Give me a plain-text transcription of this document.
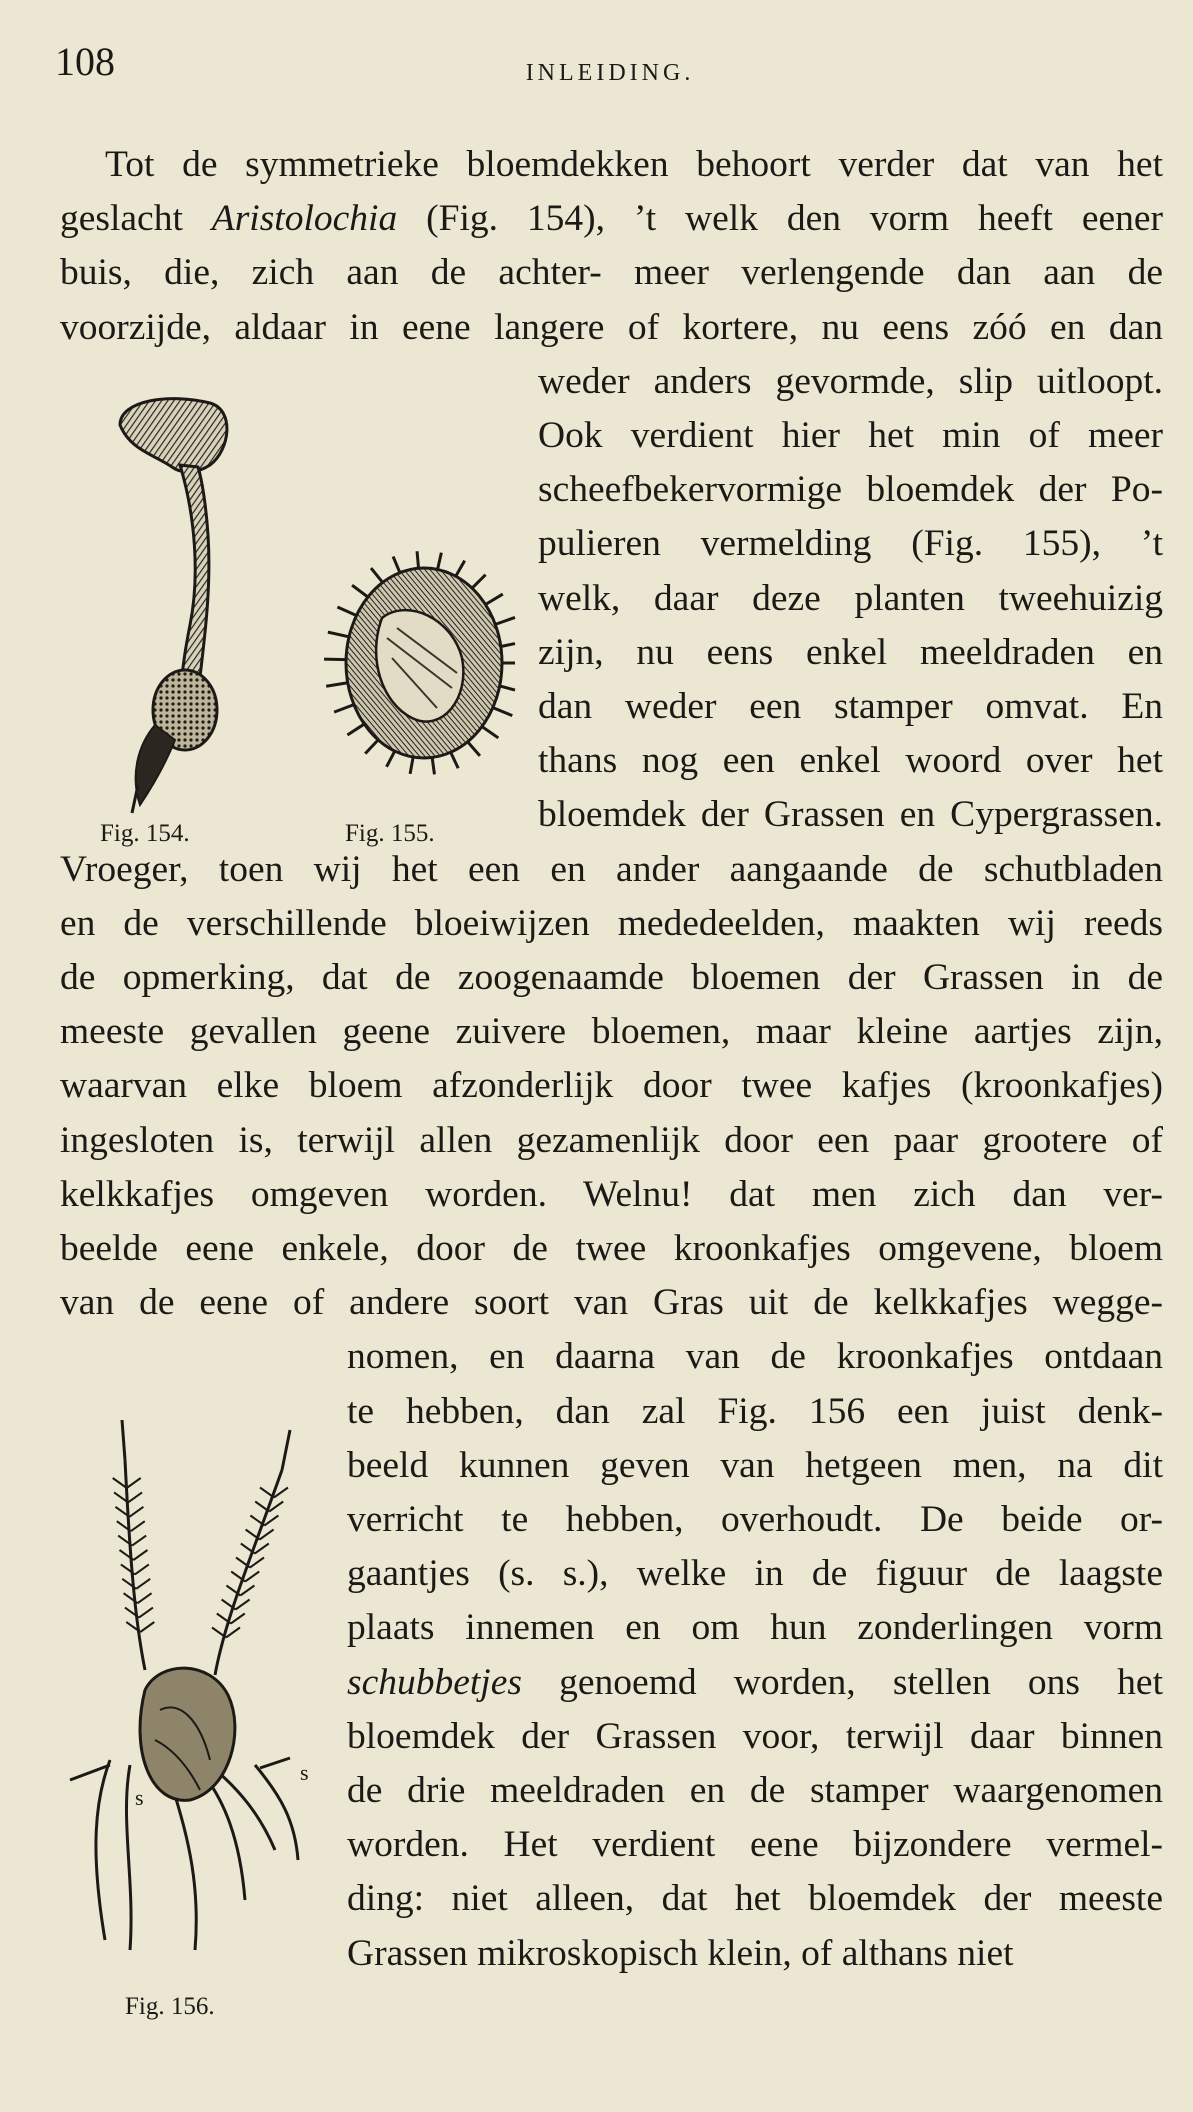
108	INLEIDING.
Tot de symmetrieke bloemdekken behoort verder dat van het
geslacht Aristolochia (Fig. 154), ’t welk den vorm heeft eener
buis, die, zich aan de achter- meer verlengende dan aan de
voorzijde, aldaar in eene langere of kortere, nu eens zóó en dan
weder anders gevormde, slip uitloopt.
Ook verdient hier het min of meer
scheefbekervormige bloemdek der Po-
pulieren vermelding (Fig. 155), ’t
welk, daar deze planten tweehuizig
zijn, nu eens enkel meeldraden en
dan weder een stamper omvat. En
thans nog een enkel woord over het
bloemdek der Grassen en Cypergrassen.
Vroeger, toen wij het een en ander aangaande de schutbladen
en de verschillende bloeiwijzen mededeelden, maakten wij reeds
de opmerking, dat de zoogenaamde bloemen der Grassen in de
meeste gevallen geene zuivere bloemen, maar kleine aartjes zijn,
waarvan elke bloem afzonderlijk door twee kafjes (kroonkafjes)
ingesloten is, terwijl allen gezamenlijk door een paar grootere of
kelkkafjes omgeven worden. Welnu! dat men zich dan ver-
beelde eene enkele, door de twee kroonkafjes omgevene, bloem
van de eene of andere soort van Gras uit de kelkkafjes wegge-
nomen, en daarna van de kroonkafjes ontdaan
te hebben, dan zal Fig. 156 een juist denk-
beeld kunnen geven van hetgeen men, na dit
verricht te hebben, overhoudt. De beide or-
gaantjes (s. s.), welke in de figuur de laagste
plaats innemen en om hun zonderlingen vorm
schubbetjes genoemd worden, stellen ons het
bloemdek der Grassen voor, terwijl daar binnen
de drie meeldraden en de stamper waargenomen
worden. Het verdient eene bijzondere vermel-
ding: niet alleen, dat het bloemdek der meeste
Grassen mikroskopisch klein, of althans niet
Fig. 154.	Fig. 155.
s
s
Fig. 156.
